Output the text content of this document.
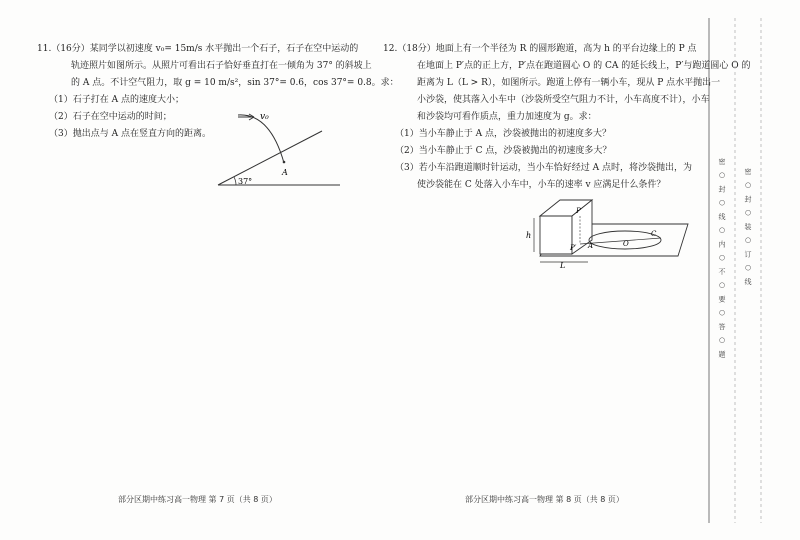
11.（16分）某同学以初速度 v₀= 15m/s 水平抛出一个石子，石子在空中运动的

轨迹照片如图所示。从照片可看出石子恰好垂直打在一倾角为 37° 的斜坡上

的 A 点。不计空气阻力，取 g = 10 m/s²，sin 37°= 0.6，cos 37°= 0.8。求：

（1）石子打在 A 点的速度大小；

（2）石子在空中运动的时间；

（3）抛出点与 A 点在竖直方向的距离。

v₀
37°
A

12.（18分）地面上有一个半径为 R 的圆形跑道，高为 h 的平台边缘上的 P 点

在地面上 P′点的正上方，P′点在跑道圆心 O 的 CA 的延长线上，P′与跑道圆心 O 的

距离为 L（L > R），如图所示。跑道上停有一辆小车，现从 P 点水平抛出一

小沙袋，使其落入小车中（沙袋所受空气阻力不计，小车高度不计），小车

和沙袋均可看作质点，重力加速度为 g。求：

（1）当小车静止于 A 点，沙袋被抛出的初速度多大？

（2）当小车静止于 C 点，沙袋被抛出的初速度多大？

（3）若小车沿跑道顺时针运动，当小车恰好经过 A 点时，将沙袋抛出，为

使沙袋能在 C 处落入小车中，小车的速率 v 应满足什么条件？

h
P
P′ A	O
C
L
部分区期中练习高一物理 第 7 页（共 8 页）	部分区期中练习高一物理 第 8 页（共 8 页）
密 ○ 封 ○ 线 ○ 内 ○ 不 ○ 要 ○ 答 ○ 题	密 ○ 封 ○ 装 ○ 订 ○ 线
